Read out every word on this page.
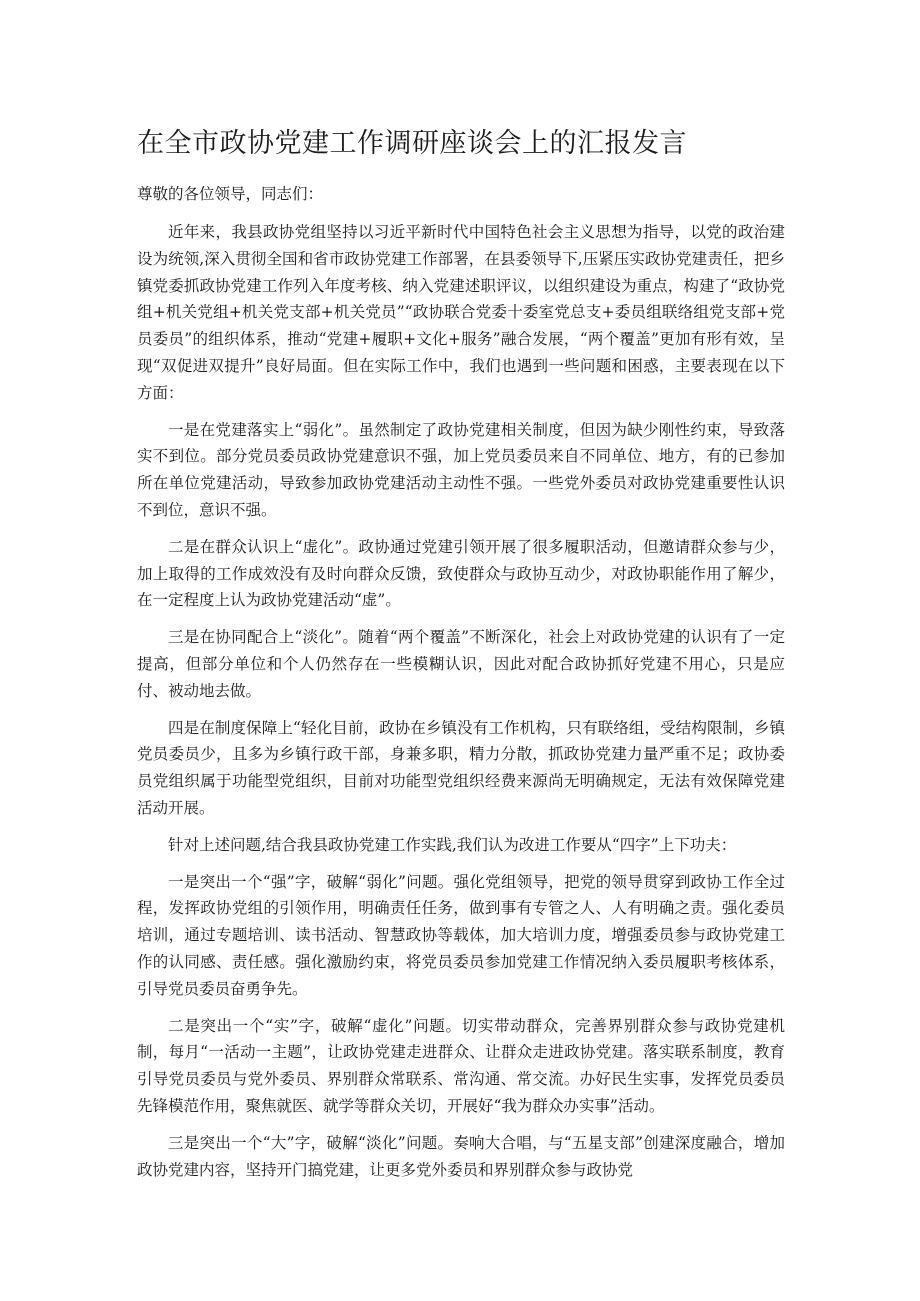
在全市政协党建工作调研座谈会上的汇报发言

尊敬的各位领导，同志们：

近年来，我县政协党组坚持以习近平新时代中国特色社会主义思想为指导，以党的政治建设为统领,深入贯彻全国和省市政协党建工作部署，在县委领导下,压紧压实政协党建责任，把乡镇党委抓政协党建工作列入年度考核、纳入党建述职评议，以组织建设为重点，构建了“政协党组+机关党组+机关党支部+机关党员”“政协联合党委十委室党总支+委员组联络组党支部+党员委员”的组织体系，推动“党建+履职+文化+服务”融合发展，“两个覆盖”更加有形有效，呈现“双促进双提升”良好局面。但在实际工作中，我们也遇到一些问题和困惑，主要表现在以下方面：

一是在党建落实上“弱化”。虽然制定了政协党建相关制度，但因为缺少刚性约束，导致落实不到位。部分党员委员政协党建意识不强，加上党员委员来自不同单位、地方，有的已参加所在单位党建活动，导致参加政协党建活动主动性不强。一些党外委员对政协党建重要性认识不到位，意识不强。

二是在群众认识上“虚化”。政协通过党建引领开展了很多履职活动，但邀请群众参与少，加上取得的工作成效没有及时向群众反馈，致使群众与政协互动少，对政协职能作用了解少，在一定程度上认为政协党建活动“虚”。

三是在协同配合上“淡化”。随着“两个覆盖”不断深化，社会上对政协党建的认识有了一定提高，但部分单位和个人仍然存在一些模糊认识，因此对配合政协抓好党建不用心，只是应付、被动地去做。

四是在制度保障上“轻化目前，政协在乡镇没有工作机构，只有联络组，受结构限制，乡镇党员委员少，且多为乡镇行政干部，身兼多职，精力分散，抓政协党建力量严重不足；政协委员党组织属于功能型党组织，目前对功能型党组织经费来源尚无明确规定，无法有效保障党建活动开展。

针对上述问题,结合我县政协党建工作实践,我们认为改进工作要从“四字”上下功夫：

一是突出一个“强”字，破解“弱化”问题。强化党组领导，把党的领导贯穿到政协工作全过程，发挥政协党组的引领作用，明确责任任务，做到事有专管之人、人有明确之责。强化委员培训，通过专题培训、读书活动、智慧政协等载体，加大培训力度，增强委员参与政协党建工作的认同感、责任感。强化激励约束，将党员委员参加党建工作情况纳入委员履职考核体系，引导党员委员奋勇争先。

二是突出一个“实”字，破解“虚化”问题。切实带动群众，完善界别群众参与政协党建机制，每月“一活动一主题”，让政协党建走进群众、让群众走进政协党建。落实联系制度，教育引导党员委员与党外委员、界别群众常联系、常沟通、常交流。办好民生实事，发挥党员委员先锋模范作用，聚焦就医、就学等群众关切，开展好“我为群众办实事”活动。

三是突出一个“大”字，破解“淡化”问题。奏响大合唱，与“五星支部”创建深度融合，增加政协党建内容，坚持开门搞党建，让更多党外委员和界别群众参与政协党
